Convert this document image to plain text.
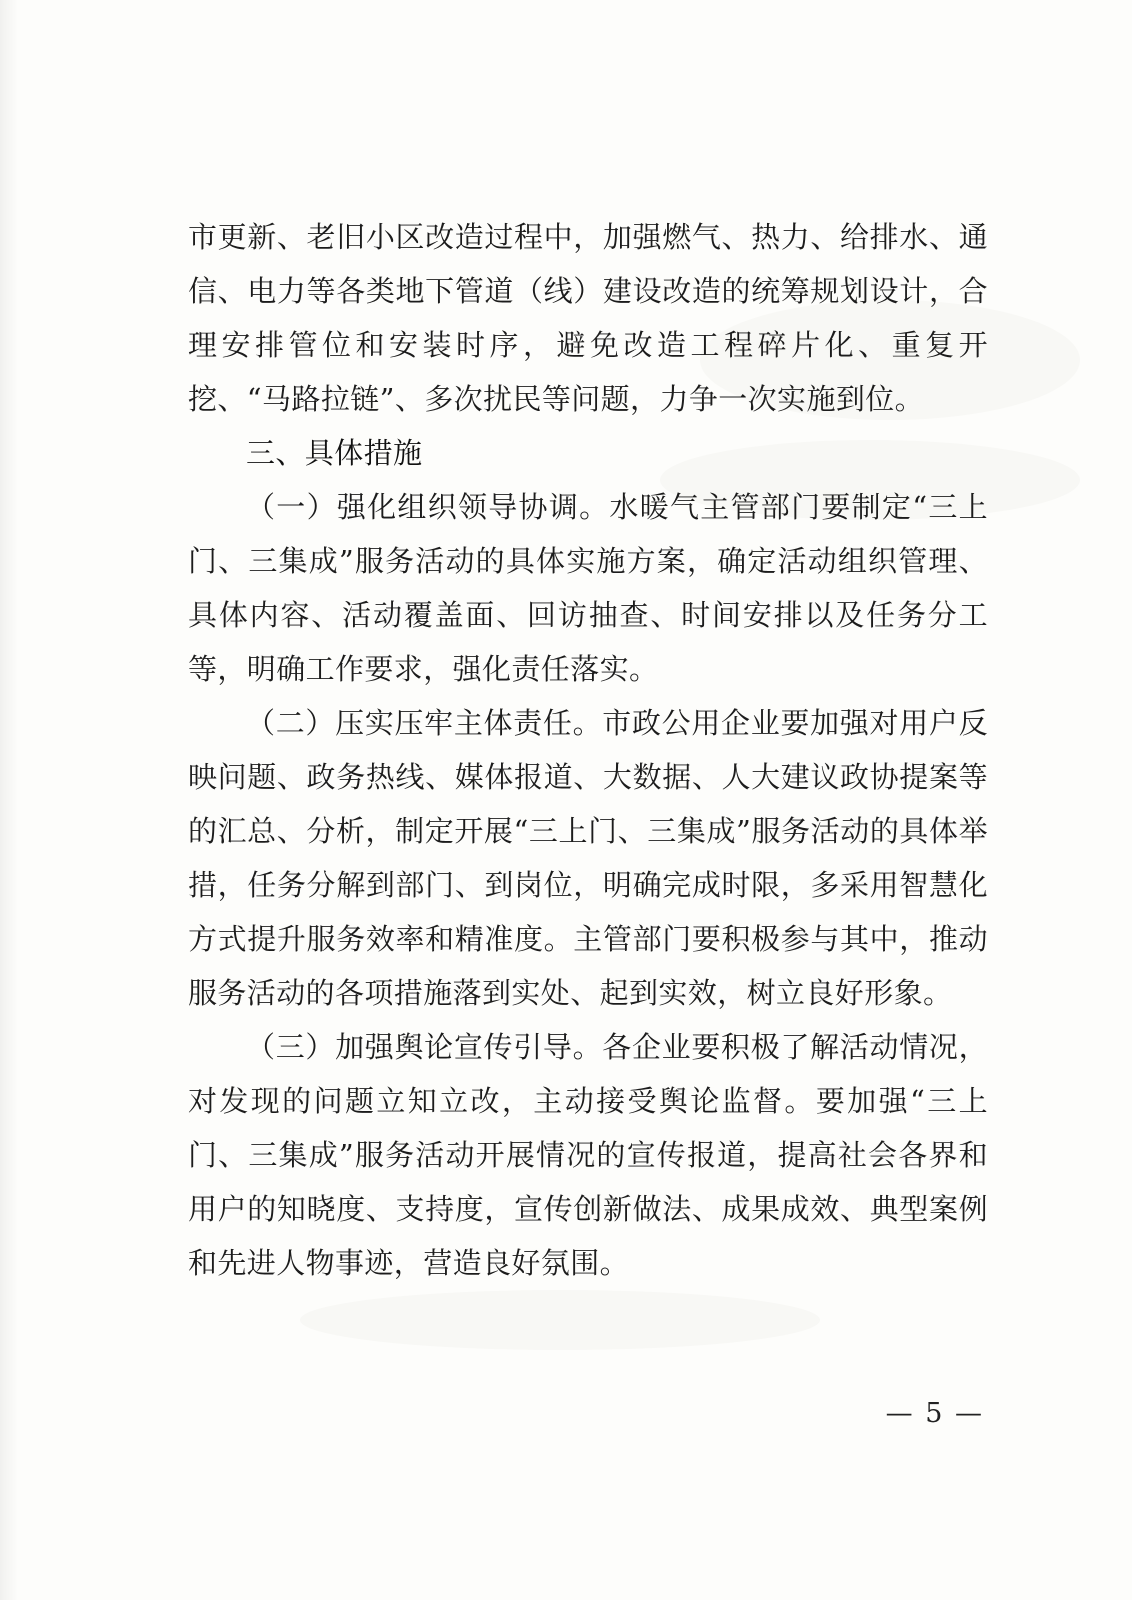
市更新、老旧小区改造过程中，加强燃气、热力、给排水、通信、电力等各类地下管道（线）建设改造的统筹规划设计，合理安排管位和安装时序，避免改造工程碎片化、重复开挖、“马路拉链”、多次扰民等问题，力争一次实施到位。

三、具体措施

（一）强化组织领导协调。水暖气主管部门要制定“三上门、三集成”服务活动的具体实施方案，确定活动组织管理、具体内容、活动覆盖面、回访抽查、时间安排以及任务分工等，明确工作要求，强化责任落实。

（二）压实压牢主体责任。市政公用企业要加强对用户反映问题、政务热线、媒体报道、大数据、人大建议政协提案等的汇总、分析，制定开展“三上门、三集成”服务活动的具体举措，任务分解到部门、到岗位，明确完成时限，多采用智慧化方式提升服务效率和精准度。主管部门要积极参与其中，推动服务活动的各项措施落到实处、起到实效，树立良好形象。

（三）加强舆论宣传引导。各企业要积极了解活动情况，对发现的问题立知立改，主动接受舆论监督。要加强“三上门、三集成”服务活动开展情况的宣传报道，提高社会各界和用户的知晓度、支持度，宣传创新做法、成果成效、典型案例和先进人物事迹，营造良好氛围。

— 5 —
